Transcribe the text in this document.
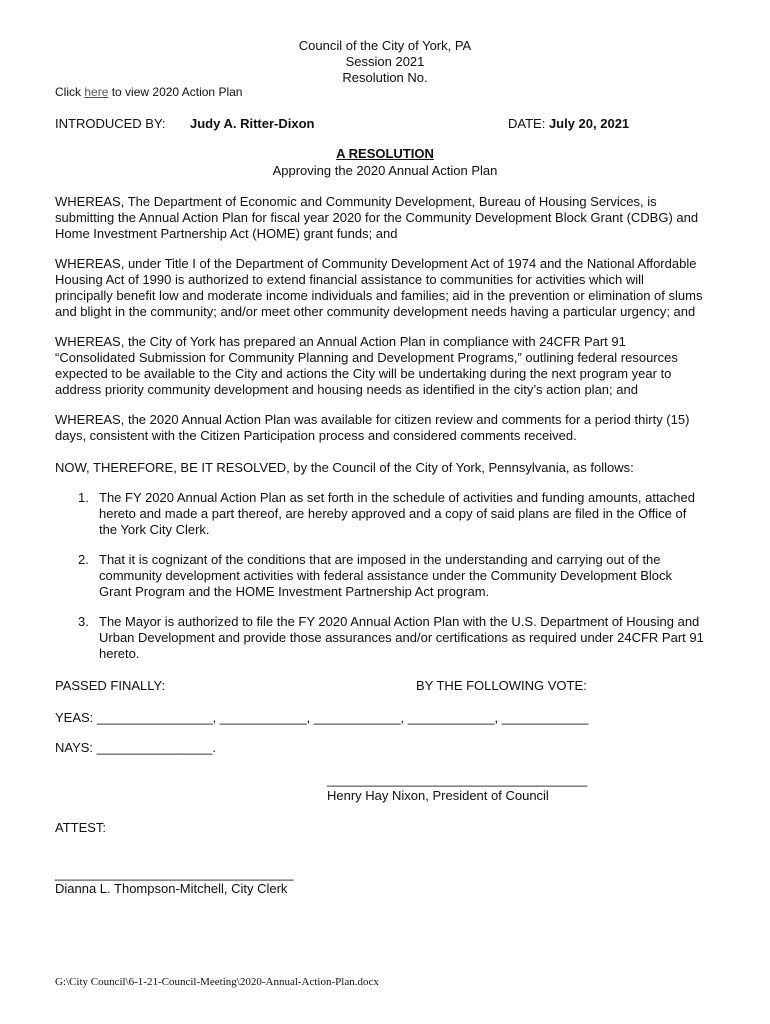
Council of the City of York, PA
Session 2021
Resolution No.
Click here to view 2020 Action Plan
INTRODUCED BY: Judy A. Ritter-Dixon	DATE: July 20, 2021
A RESOLUTION
Approving the 2020 Annual Action Plan
WHEREAS, The Department of Economic and Community Development, Bureau of Housing Services, is
submitting the Annual Action Plan for fiscal year 2020 for the Community Development Block Grant (CDBG) and
Home Investment Partnership Act (HOME) grant funds; and
WHEREAS, under Title I of the Department of Community Development Act of 1974 and the National Affordable
Housing Act of 1990 is authorized to extend financial assistance to communities for activities which will
principally benefit low and moderate income individuals and families; aid in the prevention or elimination of slums
and blight in the community; and/or meet other community development needs having a particular urgency; and
WHEREAS, the City of York has prepared an Annual Action Plan in compliance with 24CFR Part 91
“Consolidated Submission for Community Planning and Development Programs,” outlining federal resources
expected to be available to the City and actions the City will be undertaking during the next program year to
address priority community development and housing needs as identified in the city’s action plan; and
WHEREAS, the 2020 Annual Action Plan was available for citizen review and comments for a period thirty (15)
days, consistent with the Citizen Participation process and considered comments received.
NOW, THEREFORE, BE IT RESOLVED, by the Council of the City of York, Pennsylvania, as follows:
1. The FY 2020 Annual Action Plan as set forth in the schedule of activities and funding amounts, attached
hereto and made a part thereof, are hereby approved and a copy of said plans are filed in the Office of
the York City Clerk.
2. That it is cognizant of the conditions that are imposed in the understanding and carrying out of the
community development activities with federal assistance under the Community Development Block
Grant Program and the HOME Investment Partnership Act program.
3. The Mayor is authorized to file the FY 2020 Annual Action Plan with the U.S. Department of Housing and
Urban Development and provide those assurances and/or certifications as required under 24CFR Part 91
hereto.
PASSED FINALLY:	BY THE FOLLOWING VOTE:
YEAS: ________________, ____________, ____________, ____________, ____________
NAYS: ________________.
____________________________________
Henry Hay Nixon, President of Council
ATTEST:
_________________________________
Dianna L. Thompson-Mitchell, City Clerk
G:\City Council\6-1-21-Council-Meeting\2020-Annual-Action-Plan.docx
